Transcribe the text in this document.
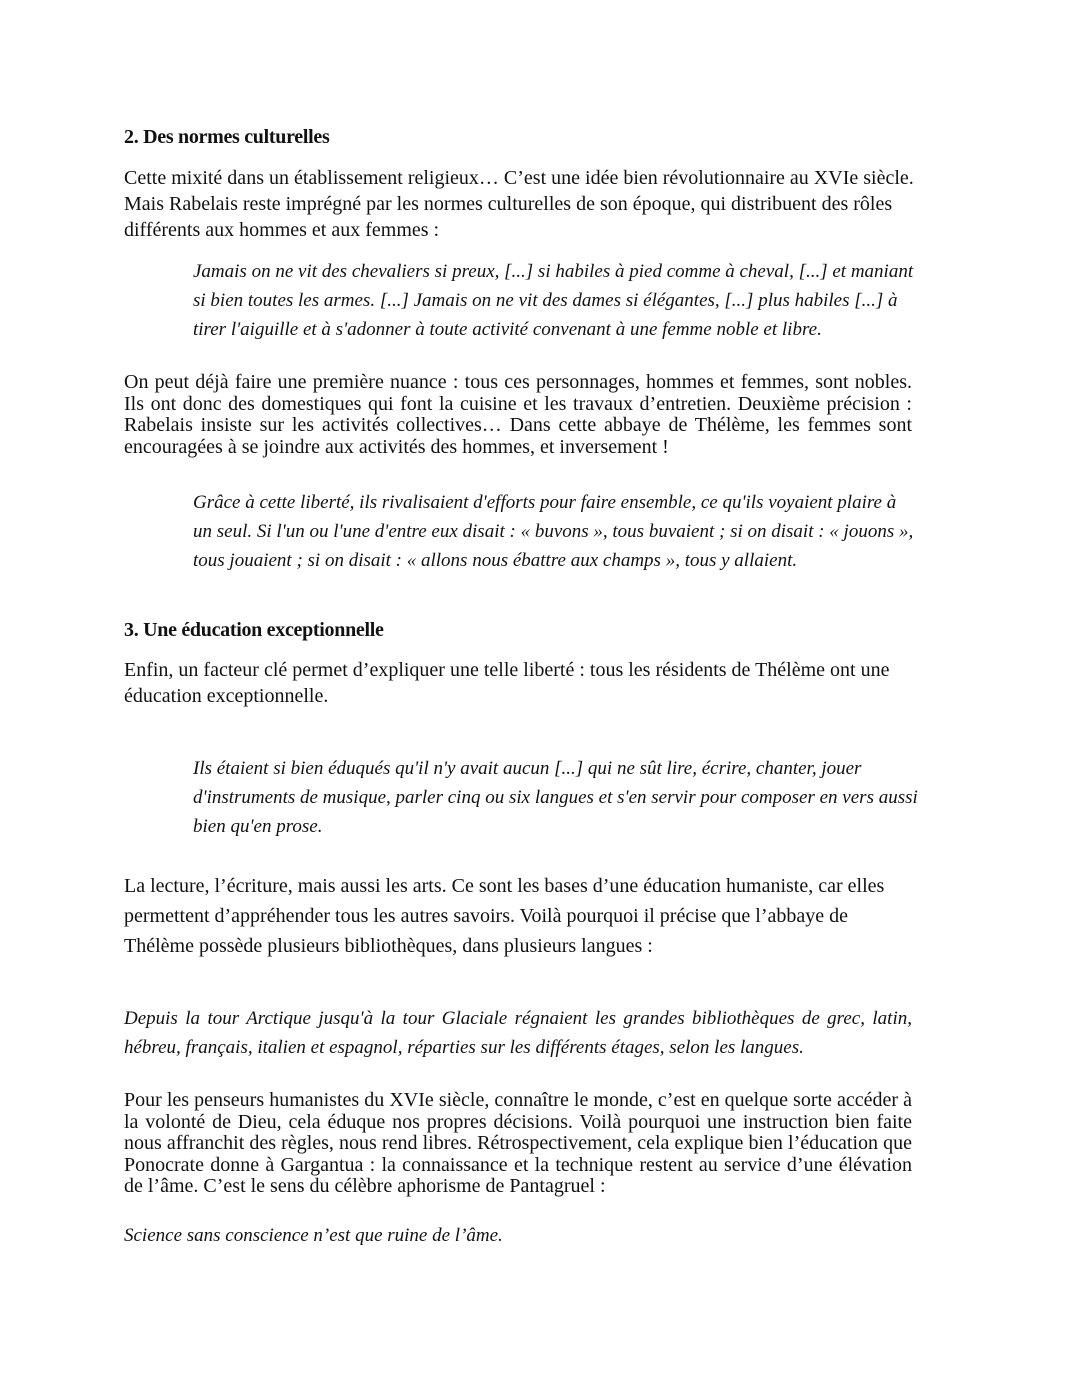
2. Des normes culturelles

Cette mixité dans un établissement religieux… C’est une idée bien révolutionnaire au XVIe siècle. Mais Rabelais reste imprégné par les normes culturelles de son époque, qui distribuent des rôles différents aux hommes et aux femmes :

Jamais on ne vit des chevaliers si preux, [...] si habiles à pied comme à cheval, [...] et maniant si bien toutes les armes. [...] Jamais on ne vit des dames si élégantes, [...] plus habiles [...] à tirer l'aiguille et à s'adonner à toute activité convenant à une femme noble et libre.

On peut déjà faire une première nuance : tous ces personnages, hommes et femmes, sont nobles. Ils ont donc des domestiques qui font la cuisine et les travaux d’entretien. Deuxième précision : Rabelais insiste sur les activités collectives… Dans cette abbaye de Thélème, les femmes sont encouragées à se joindre aux activités des hommes, et inversement !

Grâce à cette liberté, ils rivalisaient d'efforts pour faire ensemble, ce qu'ils voyaient plaire à un seul. Si l'un ou l'une d'entre eux disait : « buvons », tous buvaient ; si on disait : « jouons », tous jouaient ; si on disait : « allons nous ébattre aux champs », tous y allaient.

3. Une éducation exceptionnelle

Enfin, un facteur clé permet d’expliquer une telle liberté : tous les résidents de Thélème ont une éducation exceptionnelle.

Ils étaient si bien éduqués qu'il n'y avait aucun [...] qui ne sût lire, écrire, chanter, jouer d'instruments de musique, parler cinq ou six langues et s'en servir pour composer en vers aussi bien qu'en prose.

La lecture, l’écriture, mais aussi les arts. Ce sont les bases d’une éducation humaniste, car elles permettent d’appréhender tous les autres savoirs. Voilà pourquoi il précise que l’abbaye de Thélème possède plusieurs bibliothèques, dans plusieurs langues :

Depuis la tour Arctique jusqu'à la tour Glaciale régnaient les grandes bibliothèques de grec, latin, hébreu, français, italien et espagnol, réparties sur les différents étages, selon les langues.

Pour les penseurs humanistes du XVIe siècle, connaître le monde, c’est en quelque sorte accéder à la volonté de Dieu, cela éduque nos propres décisions. Voilà pourquoi une instruction bien faite nous affranchit des règles, nous rend libres. Rétrospectivement, cela explique bien l’éducation que Ponocrate donne à Gargantua : la connaissance et la technique restent au service d’une élévation de l’âme. C’est le sens du célèbre aphorisme de Pantagruel :

Science sans conscience n’est que ruine de l’âme.
